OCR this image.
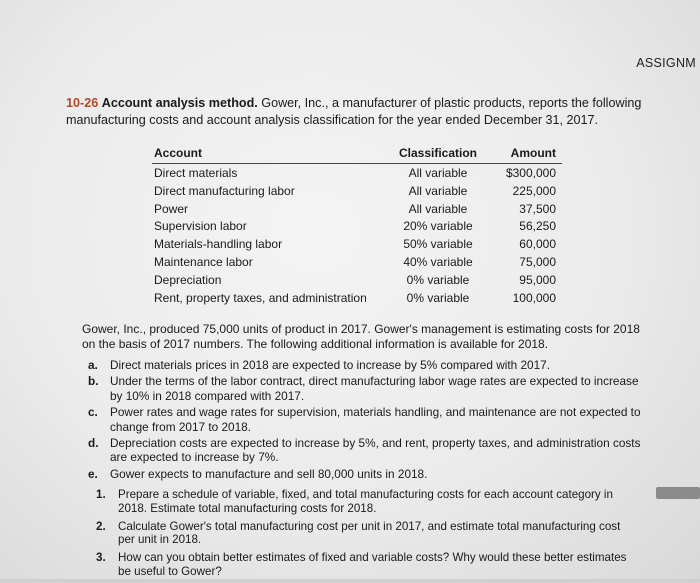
ASSIGNM
10-26 Account analysis method. Gower, Inc., a manufacturer of plastic products, reports the following manufacturing costs and account analysis classification for the year ended December 31, 2017.
Account	Classification	Amount
Direct materials	All variable	$300,000
Direct manufacturing labor	All variable	225,000
Power	All variable	37,500
Supervision labor	20% variable	56,250
Materials-handling labor	50% variable	60,000
Maintenance labor	40% variable	75,000
Depreciation	0% variable	95,000
Rent, property taxes, and administration	0% variable	100,000
Gower, Inc., produced 75,000 units of product in 2017. Gower's management is estimating costs for 2018 on the basis of 2017 numbers. The following additional information is available for 2018.
a. Direct materials prices in 2018 are expected to increase by 5% compared with 2017.
b. Under the terms of the labor contract, direct manufacturing labor wage rates are expected to increase by 10% in 2018 compared with 2017.
c. Power rates and wage rates for supervision, materials handling, and maintenance are not expected to change from 2017 to 2018.
d. Depreciation costs are expected to increase by 5%, and rent, property taxes, and administration costs are expected to increase by 7%.
e. Gower expects to manufacture and sell 80,000 units in 2018.
1. Prepare a schedule of variable, fixed, and total manufacturing costs for each account category in 2018. Estimate total manufacturing costs for 2018.
2. Calculate Gower's total manufacturing cost per unit in 2017, and estimate total manufacturing cost per unit in 2018.
3. How can you obtain better estimates of fixed and variable costs? Why would these better estimates be useful to Gower?
